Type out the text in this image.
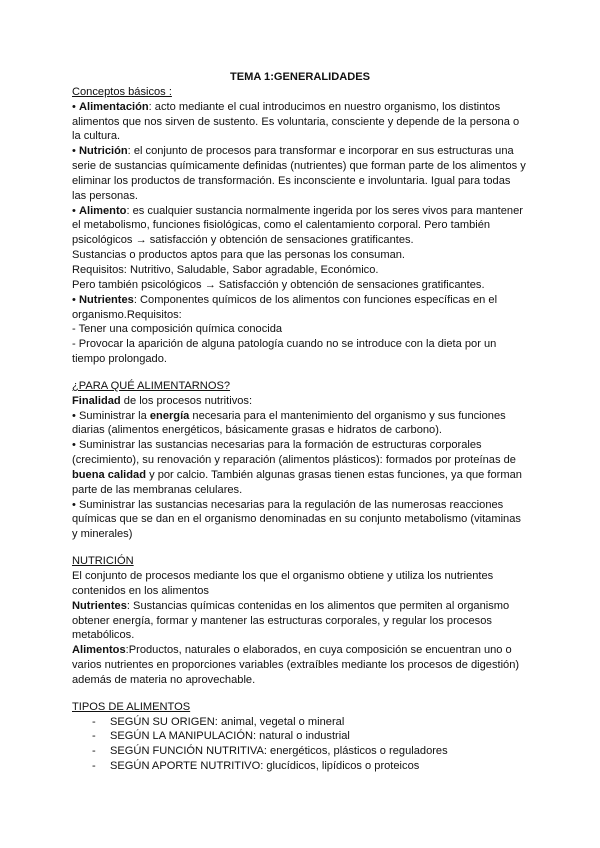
TEMA 1:GENERALIDADES
Conceptos básicos :
• Alimentación: acto mediante el cual introducimos en nuestro organismo, los distintos
alimentos que nos sirven de sustento. Es voluntaria, consciente y depende de la persona o
la cultura.
• Nutrición: el conjunto de procesos para transformar e incorporar en sus estructuras una
serie de sustancias químicamente definidas (nutrientes) que forman parte de los alimentos y
eliminar los productos de transformación. Es inconsciente e involuntaria. Igual para todas
las personas.
• Alimento: es cualquier sustancia normalmente ingerida por los seres vivos para mantener
el metabolismo, funciones fisiológicas, como el calentamiento corporal. Pero también
psicológicos → satisfacción y obtención de sensaciones gratificantes.
Sustancias o productos aptos para que las personas los consuman.
Requisitos: Nutritivo, Saludable, Sabor agradable, Económico.
Pero también psicológicos → Satisfacción y obtención de sensaciones gratificantes.
• Nutrientes: Componentes químicos de los alimentos con funciones específicas en el
organismo.Requisitos:
- Tener una composición química conocida
- Provocar la aparición de alguna patología cuando no se introduce con la dieta por un
tiempo prolongado.
¿PARA QUÉ ALIMENTARNOS?
Finalidad de los procesos nutritivos:
• Suministrar la energía necesaria para el mantenimiento del organismo y sus funciones
diarias (alimentos energéticos, básicamente grasas e hidratos de carbono).
• Suministrar las sustancias necesarias para la formación de estructuras corporales
(crecimiento), su renovación y reparación (alimentos plásticos): formados por proteínas de
buena calidad y por calcio. También algunas grasas tienen estas funciones, ya que forman
parte de las membranas celulares.
• Suministrar las sustancias necesarias para la regulación de las numerosas reacciones
químicas que se dan en el organismo denominadas en su conjunto metabolismo (vitaminas
y minerales)
NUTRICIÓN
El conjunto de procesos mediante los que el organismo obtiene y utiliza los nutrientes
contenidos en los alimentos
Nutrientes: Sustancias químicas contenidas en los alimentos que permiten al organismo
obtener energía, formar y mantener las estructuras corporales, y regular los procesos
metabólicos.
Alimentos:Productos, naturales o elaborados, en cuya composición se encuentran uno o
varios nutrientes en proporciones variables (extraíbles mediante los procesos de digestión)
además de materia no aprovechable.
TIPOS DE ALIMENTOS
- SEGÚN SU ORIGEN: animal, vegetal o mineral
- SEGÚN LA MANIPULACIÓN: natural o industrial
- SEGÚN FUNCIÓN NUTRITIVA: energéticos, plásticos o reguladores
- SEGÚN APORTE NUTRITIVO: glucídicos, lipídicos o proteicos
